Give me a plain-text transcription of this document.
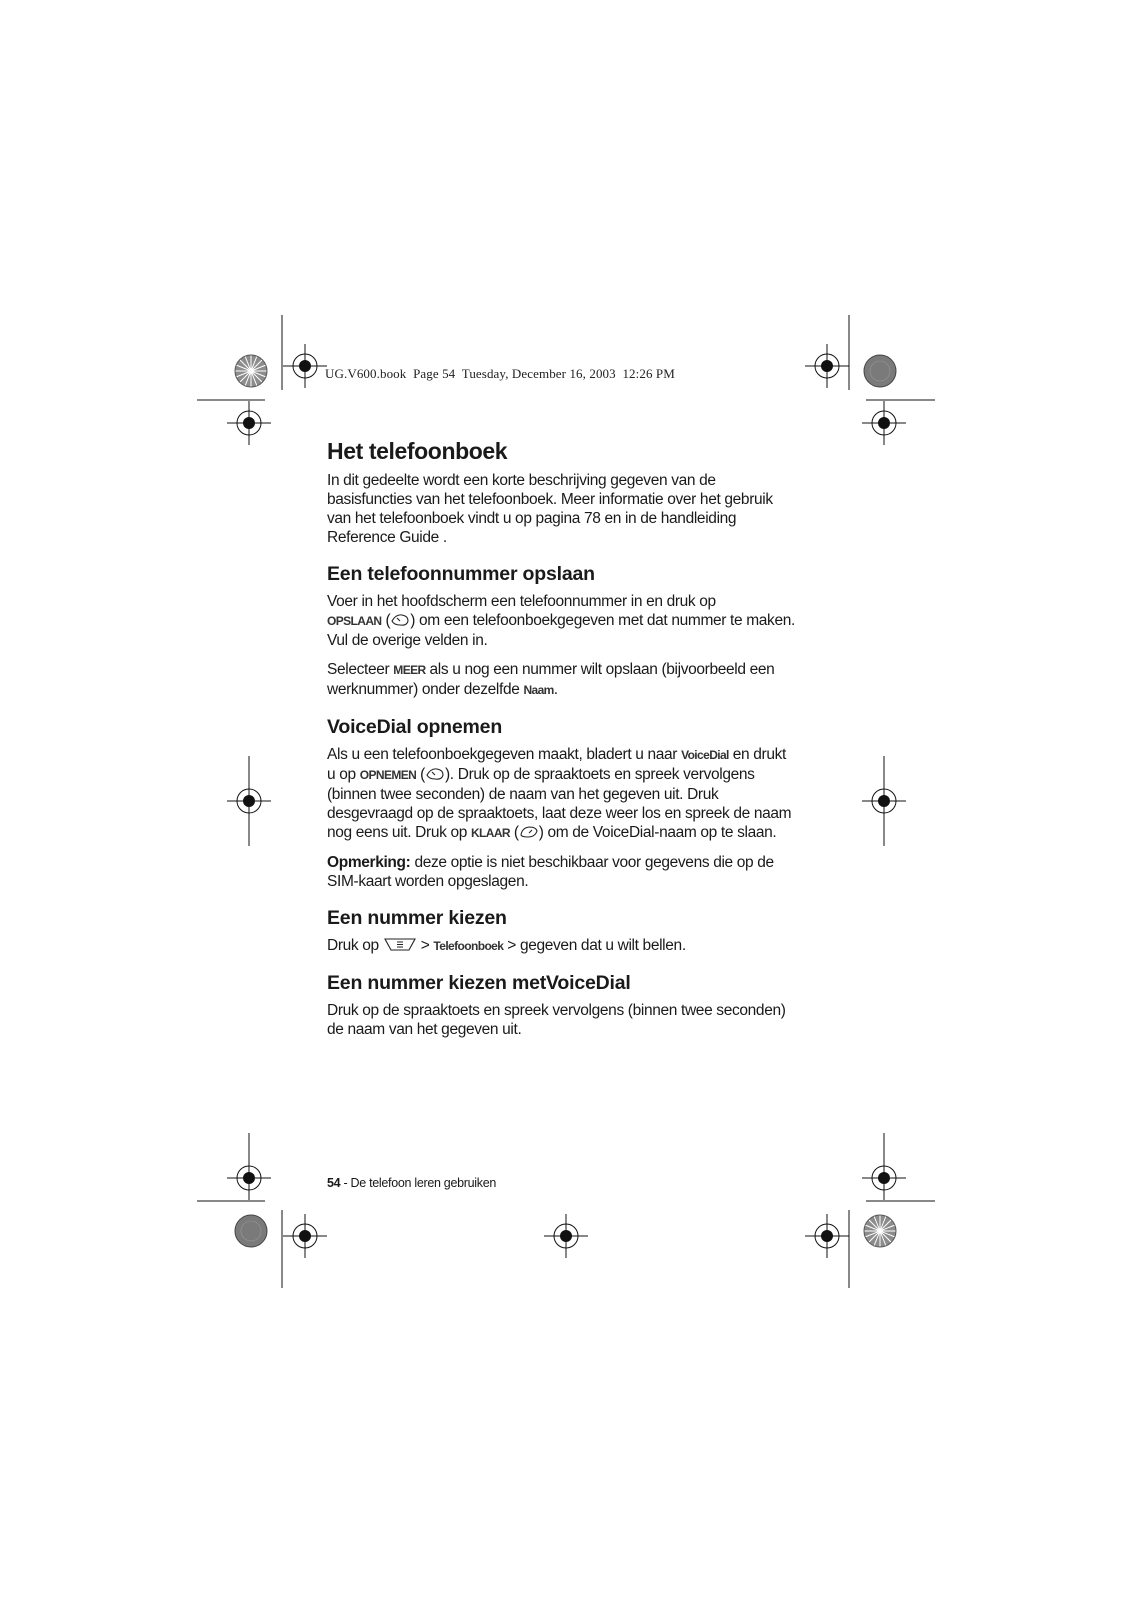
UG.V600.book  Page 54  Tuesday, December 16, 2003  12:26 PM
Het telefoonboek

In dit gedeelte wordt een korte beschrijving gegeven van de basisfuncties van het telefoonboek. Meer informatie over het gebruik van het telefoonboek vindt u op pagina 78 en in de handleiding Reference Guide .

Een telefoonnummer opslaan

Voer in het hoofdscherm een telefoonnummer in en druk op
OPSLAAN ( ) om een telefoonboekgegeven met dat nummer te maken. Vul de overige velden in.

Selecteer MEER als u nog een nummer wilt opslaan (bijvoorbeeld een werknummer) onder dezelfde Naam.

VoiceDial opnemen

Als u een telefoonboekgegeven maakt, bladert u naar VoiceDial en drukt u op OPNEMEN ( ). Druk op de spraaktoets en spreek vervolgens (binnen twee seconden) de naam van het gegeven uit. Druk desgevraagd op de spraaktoets, laat deze weer los en spreek de naam nog eens uit. Druk op KLAAR ( ) om de VoiceDial-naam op te slaan.

Opmerking: deze optie is niet beschikbaar voor gegevens die op de SIM-kaart worden opgeslagen.

Een nummer kiezen

Druk op  > Telefoonboek > gegeven dat u wilt bellen.

Een nummer kiezen metVoiceDial

Druk op de spraaktoets en spreek vervolgens (binnen twee seconden) de naam van het gegeven uit.

54 - De telefoon leren gebruiken
